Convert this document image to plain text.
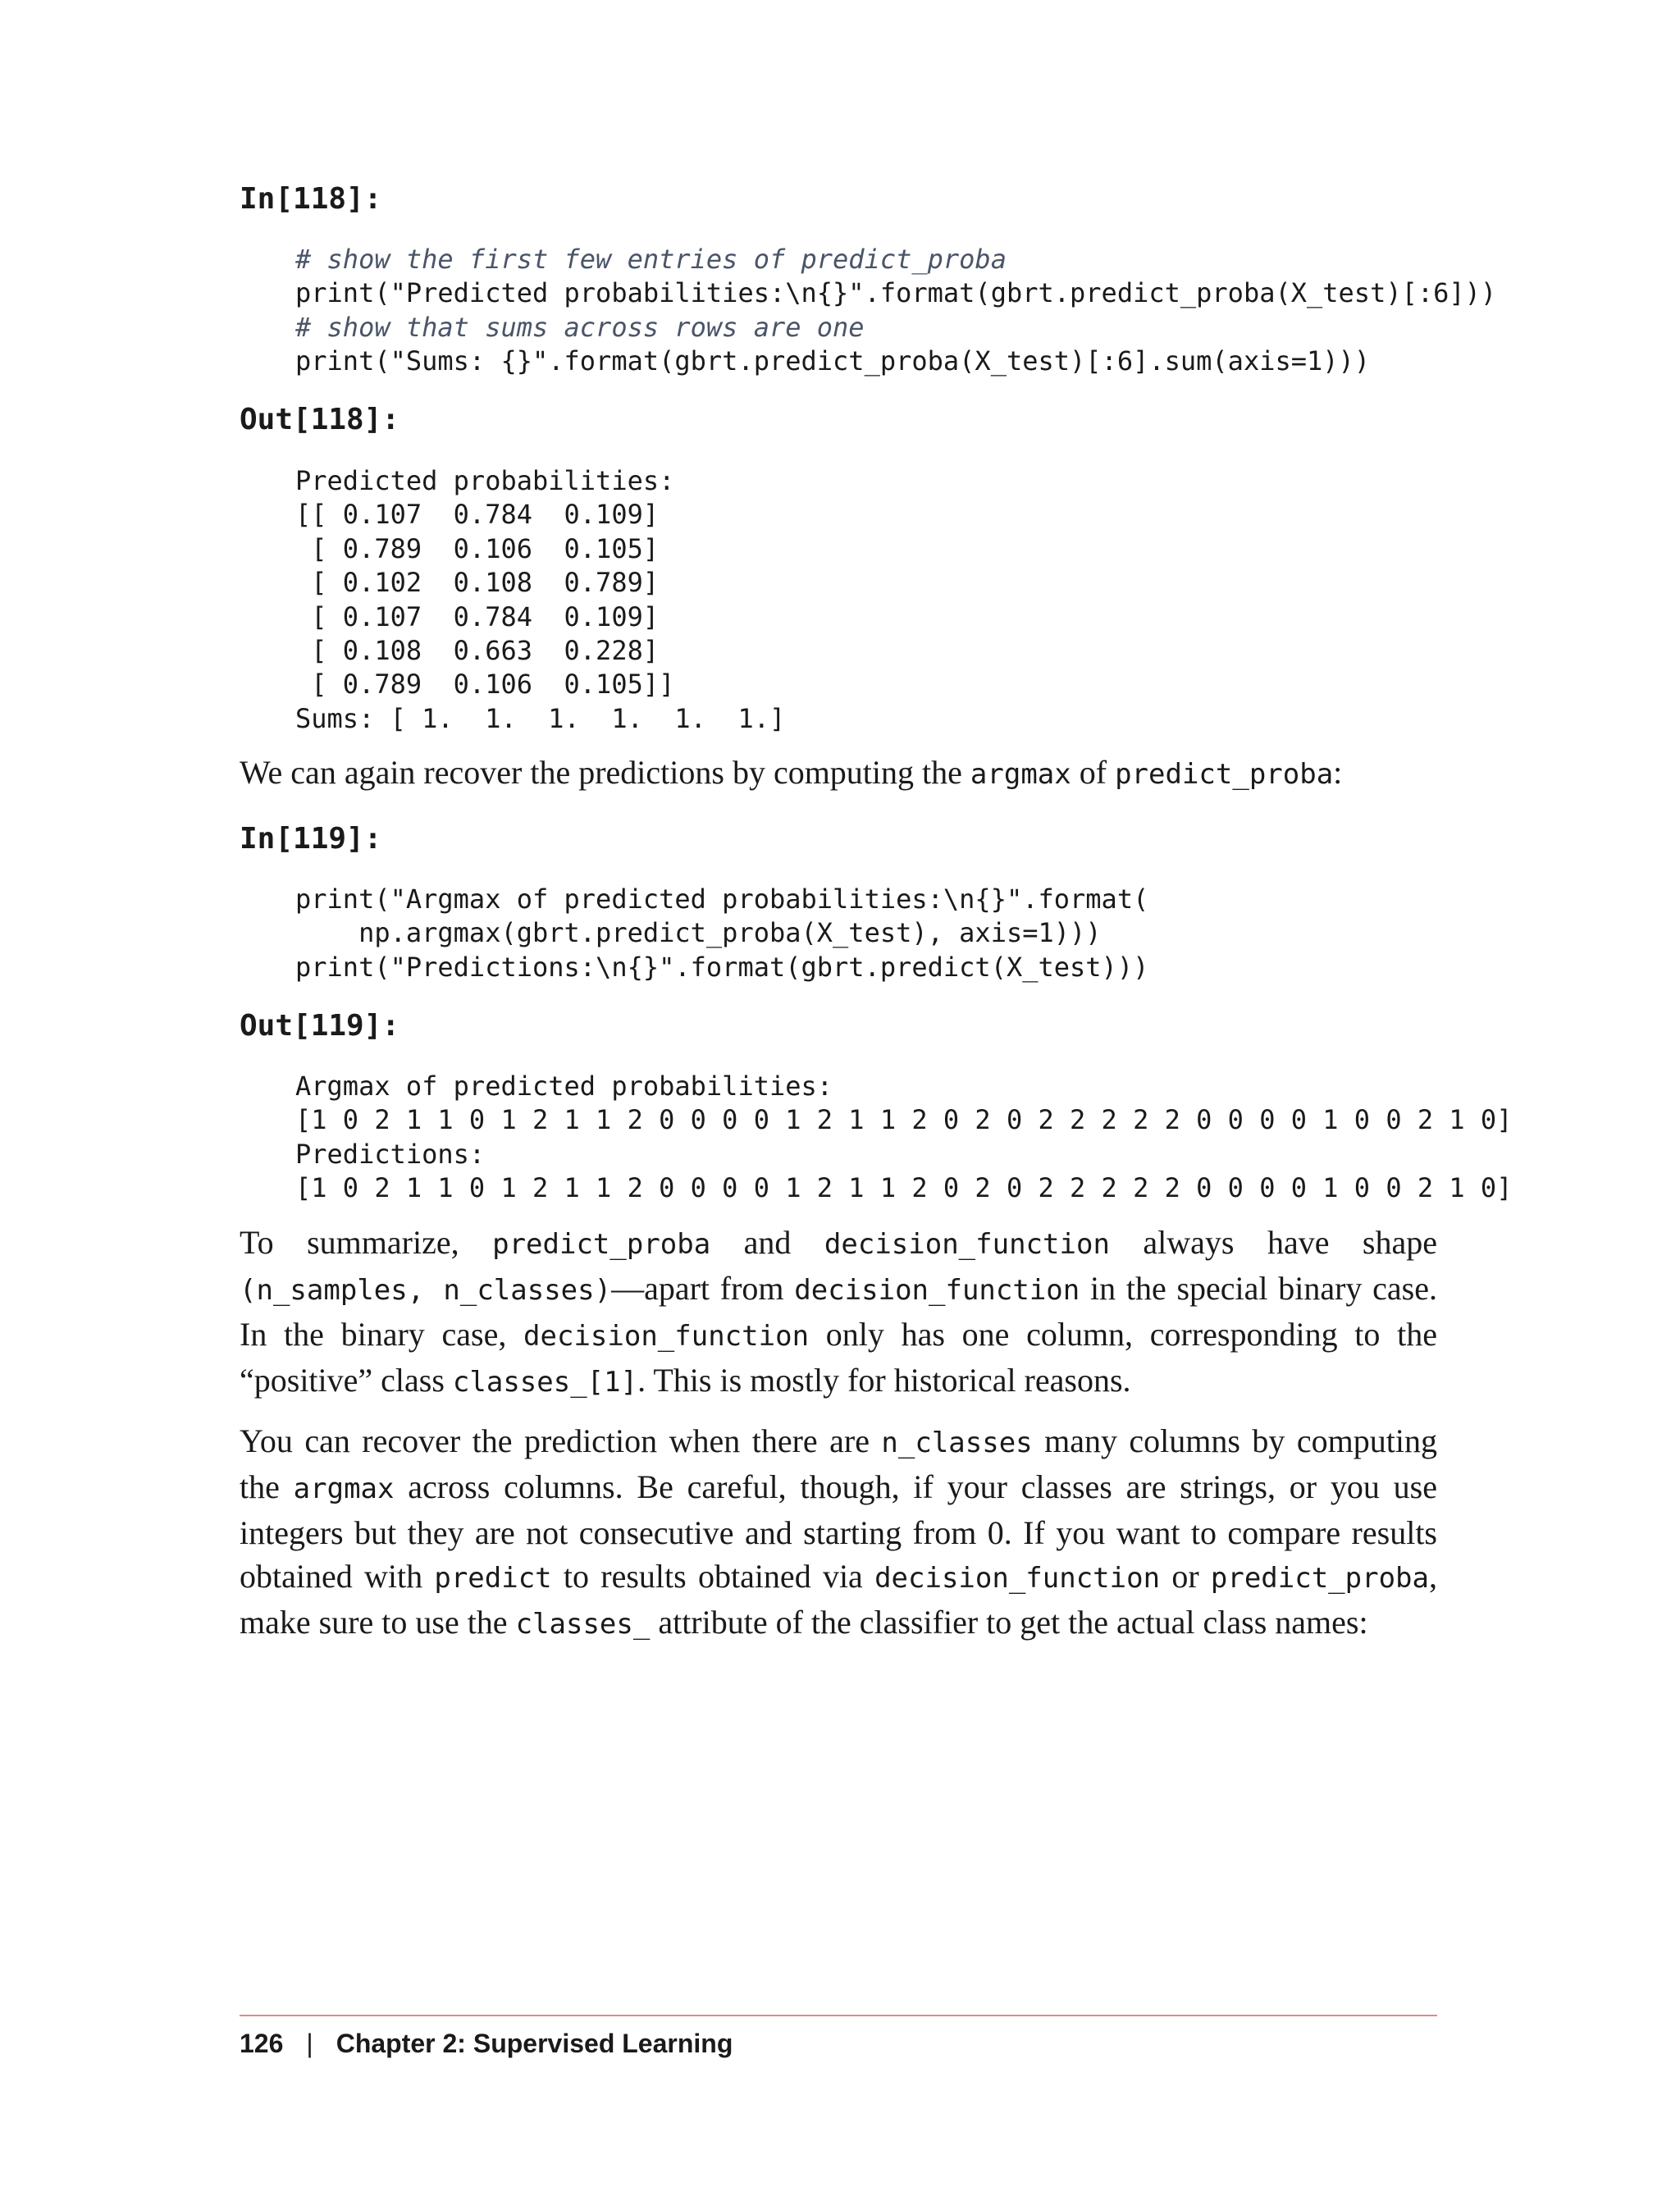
In[118]:
# show the first few entries of predict_proba
print("Predicted probabilities:\n{}".format(gbrt.predict_proba(X_test)[:6]))
# show that sums across rows are one
print("Sums: {}".format(gbrt.predict_proba(X_test)[:6].sum(axis=1)))
Out[118]:
Predicted probabilities:
[[ 0.107  0.784  0.109]
[ 0.789  0.106  0.105]
[ 0.102  0.108  0.789]
[ 0.107  0.784  0.109]
[ 0.108  0.663  0.228]
[ 0.789  0.106  0.105]]
Sums: [ 1.  1.  1.  1.  1.  1.]

We can again recover the predictions by computing the argmax of predict_proba:

In[119]:
print("Argmax of predicted probabilities:\n{}".format(
np.argmax(gbrt.predict_proba(X_test), axis=1)))
print("Predictions:\n{}".format(gbrt.predict(X_test)))
Out[119]:
Argmax of predicted probabilities:
[1 0 2 1 1 0 1 2 1 1 2 0 0 0 0 1 2 1 1 2 0 2 0 2 2 2 2 2 0 0 0 0 1 0 0 2 1 0]
Predictions:
[1 0 2 1 1 0 1 2 1 1 2 0 0 0 0 1 2 1 1 2 0 2 0 2 2 2 2 2 0 0 0 0 1 0 0 2 1 0]

To summarize, predict_proba and decision_function always have shape (n_samples, n_classes)—apart from decision_function in the special binary case. In the binary case, decision_function only has one column, corresponding to the “positive” class classes_[1]. This is mostly for historical reasons.

You can recover the prediction when there are n_classes many columns by computing the argmax across columns. Be careful, though, if your classes are strings, or you use integers but they are not consecutive and starting from 0. If you want to compare results obtained with predict to results obtained via decision_function or predict_proba, make sure to use the classes_ attribute of the classifier to get the actual class names:

126 | Chapter 2: Supervised Learning
